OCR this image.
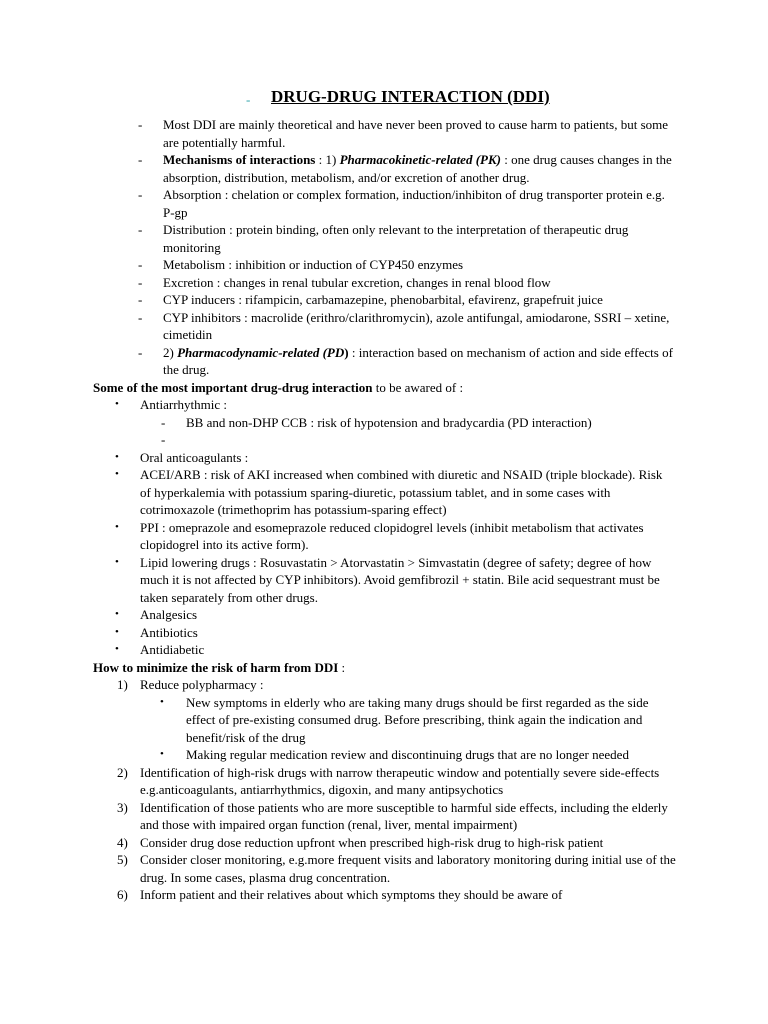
- DRUG-DRUG INTERACTION (DDI)
- Most DDI are mainly theoretical and have never been proved to cause harm to patients, but some are potentially harmful.
- Mechanisms of interactions : 1) Pharmacokinetic-related (PK) : one drug causes changes in the absorption, distribution, metabolism, and/or excretion of another drug.
- Absorption : chelation or complex formation, induction/inhibiton of drug transporter protein e.g. P-gp
- Distribution : protein binding, often only relevant to the interpretation of therapeutic drug monitoring
- Metabolism : inhibition or induction of CYP450 enzymes
- Excretion : changes in renal tubular excretion, changes in renal blood flow
- CYP inducers : rifampicin, carbamazepine, phenobarbital, efavirenz, grapefruit juice
- CYP inhibitors : macrolide (erithro/clarithromycin), azole antifungal, amiodarone, SSRI – xetine, cimetidin
- 2) Pharmacodynamic-related (PD) : interaction based on mechanism of action and side effects of the drug.

Some of the most important drug-drug interaction to be awared of :

• Antiarrhythmic :

- BB and non-DHP CCB : risk of hypotension and bradycardia (PD interaction)

-

• Oral anticoagulants :

• ACEI/ARB : risk of AKI increased when combined with diuretic and NSAID (triple blockade). Risk of hyperkalemia with potassium sparing-diuretic, potassium tablet, and in some cases with cotrimoxazole (trimethoprim has potassium-sparing effect)

• PPI : omeprazole and esomeprazole reduced clopidogrel levels (inhibit metabolism that activates clopidogrel into its active form).

• Lipid lowering drugs : Rosuvastatin > Atorvastatin > Simvastatin (degree of safety; degree of how much it is not affected by CYP inhibitors). Avoid gemfibrozil + statin. Bile acid sequestrant must be taken separately from other drugs.

• Analgesics

• Antibiotics

• Antidiabetic

How to minimize the risk of harm from DDI :

1) Reduce polypharmacy :

• New symptoms in elderly who are taking many drugs should be first regarded as the side effect of pre-existing consumed drug. Before prescribing, think again the indication and benefit/risk of the drug

• Making regular medication review and discontinuing drugs that are no longer needed

2) Identification of high-risk drugs with narrow therapeutic window and potentially severe side-effects e.g.anticoagulants, antiarrhythmics, digoxin, and many antipsychotics

3) Identification of those patients who are more susceptible to harmful side effects, including the elderly and those with impaired organ function (renal, liver, mental impairment)

4) Consider drug dose reduction upfront when prescribed high-risk drug to high-risk patient

5) Consider closer monitoring, e.g.more frequent visits and laboratory monitoring during initial use of the drug. In some cases, plasma drug concentration.

6) Inform patient and their relatives about which symptoms they should be aware of
